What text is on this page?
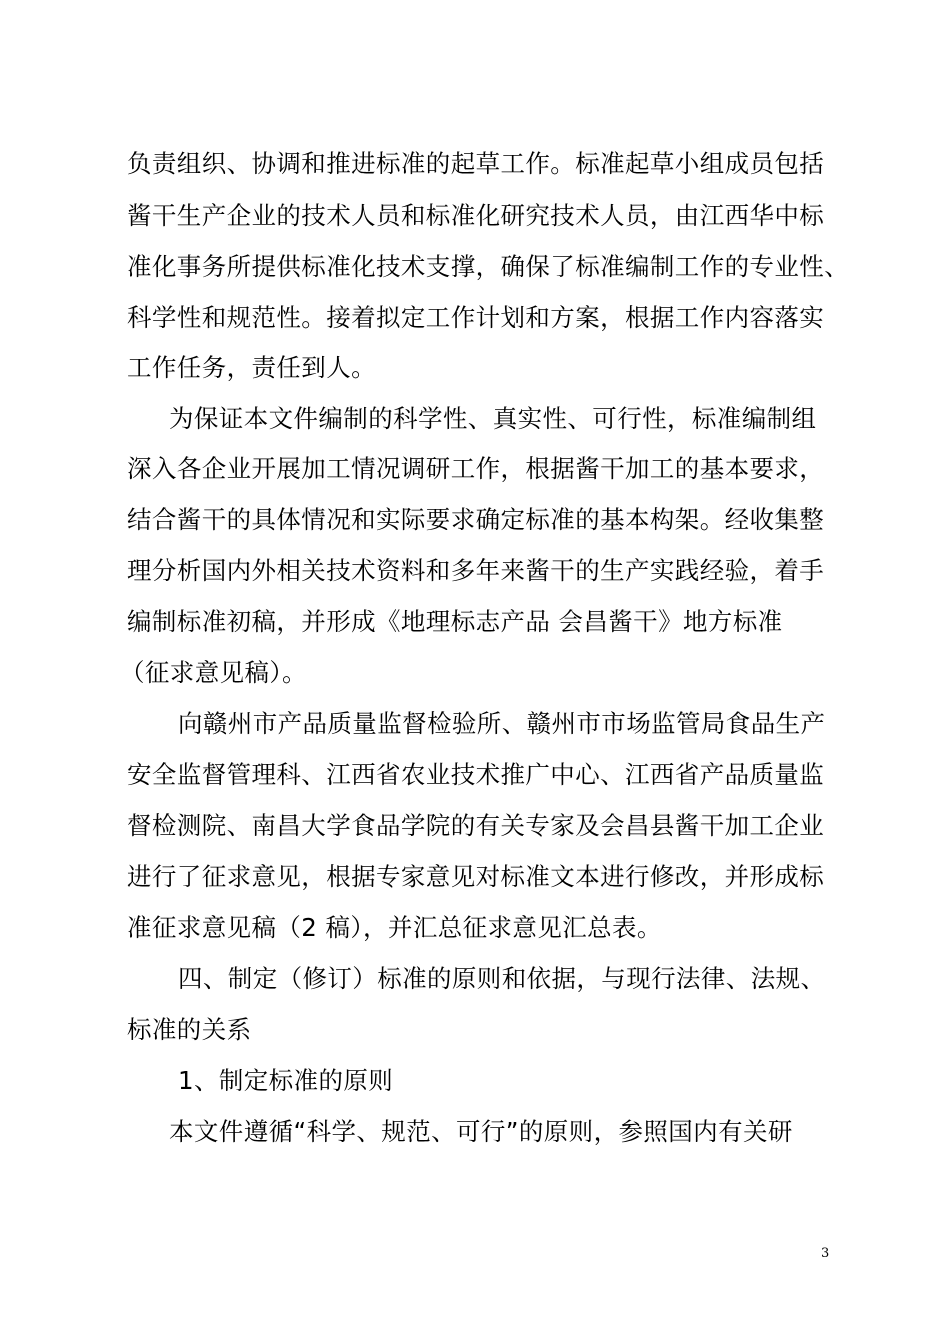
负责组织、协调和推进标准的起草工作。标准起草小组成员包括
酱干生产企业的技术人员和标准化研究技术人员，由江西华中标
准化事务所提供标准化技术支撑，确保了标准编制工作的专业性、
科学性和规范性。接着拟定工作计划和方案，根据工作内容落实
工作任务，责任到人。
为保证本文件编制的科学性、真实性、可行性，标准编制组
深入各企业开展加工情况调研工作，根据酱干加工的基本要求，
结合酱干的具体情况和实际要求确定标准的基本构架。经收集整
理分析国内外相关技术资料和多年来酱干的生产实践经验，着手
编制标准初稿，并形成《地理标志产品 会昌酱干》地方标准
（征求意见稿）。
向赣州市产品质量监督检验所、赣州市市场监管局食品生产
安全监督管理科、江西省农业技术推广中心、江西省产品质量监
督检测院、南昌大学食品学院的有关专家及会昌县酱干加工企业
进行了征求意见，根据专家意见对标准文本进行修改，并形成标
准征求意见稿（2 稿），并汇总征求意见汇总表。
四、制定（修订）标准的原则和依据，与现行法律、法规、
标准的关系
1、制定标准的原则
本文件遵循“科学、规范、可行”的原则，参照国内有关研
3
